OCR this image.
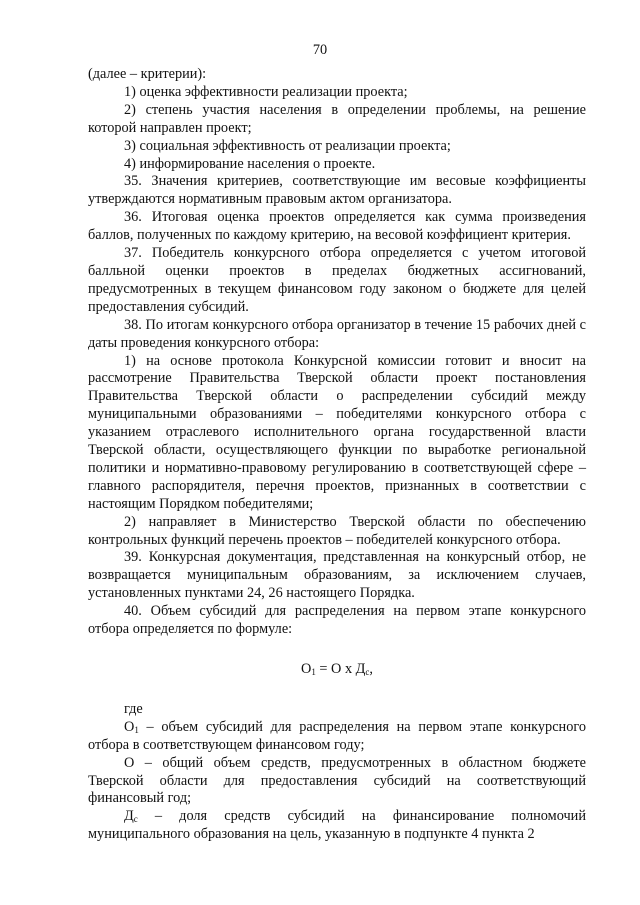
70

(далее – критерии):

1) оценка эффективности реализации проекта;

2) степень участия населения в определении проблемы, на решение которой направлен проект;

3) социальная эффективность от реализации проекта;

4) информирование населения о проекте.

35. Значения критериев, соответствующие им весовые коэффициенты утверждаются нормативным правовым актом организатора.

36. Итоговая оценка проектов определяется как сумма произведения баллов, полученных по каждому критерию, на весовой коэффициент критерия.

37. Победитель конкурсного отбора определяется с учетом итоговой балльной оценки проектов в пределах бюджетных ассигнований, предусмотренных в текущем финансовом году законом о бюджете для целей предоставления субсидий.

38. По итогам конкурсного отбора организатор в течение 15 рабочих дней с даты проведения конкурсного отбора:

1) на основе протокола Конкурсной комиссии готовит и вносит на рассмотрение Правительства Тверской области проект постановления Правительства Тверской области о распределении субсидий между муниципальными образованиями – победителями конкурсного отбора с указанием отраслевого исполнительного органа государственной власти Тверской области, осуществляющего функции по выработке региональной политики и нормативно-правовому регулированию в соответствующей сфере – главного распорядителя, перечня проектов, признанных в соответствии с настоящим Порядком победителями;

2) направляет в Министерство Тверской области по обеспечению контрольных функций перечень проектов – победителей конкурсного отбора.

39. Конкурсная документация, представленная на конкурсный отбор, не возвращается муниципальным образованиям, за исключением случаев, установленных пунктами 24, 26 настоящего Порядка.

40. Объем субсидий для распределения на первом этапе конкурсного отбора определяется по формуле:

$О_1 = О$ х $Д_c$,

где

$О_1$ – объем субсидий для распределения на первом этапе конкурсного отбора в соответствующем финансовом году;

О – общий объем средств, предусмотренных в областном бюджете Тверской области для предоставления субсидий на соответствующий финансовый год;

$Д_c$ – доля средств субсидий на финансирование полномочий муниципального образования на цель, указанную в подпункте 4 пункта 2
